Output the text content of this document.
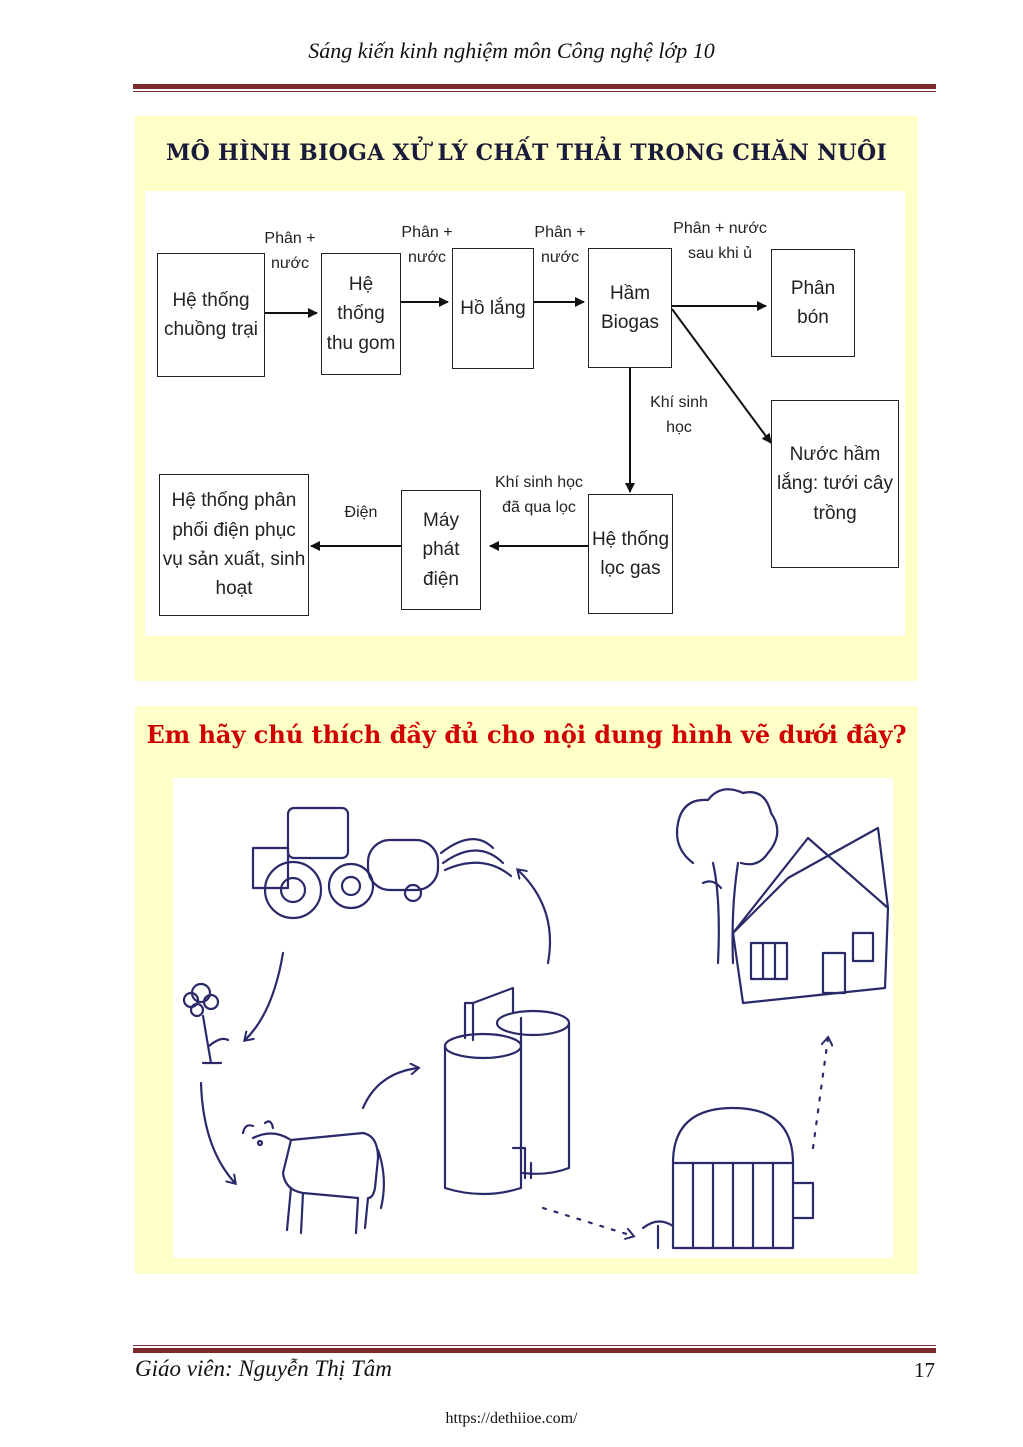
Sáng kiến kinh nghiệm môn Công nghệ lớp 10
MÔ HÌNH BIOGA XỬ LÝ CHẤT THẢI TRONG CHĂN NUÔI
Hệ thống chuồng trại
Hệ thống thu gom
Hồ lắng
Hầm Biogas
Phân bón
Nước hầm lắng: tưới cây trồng
Hệ thống lọc gas
Máy phát điện
Hệ thống phân phối điện phục vụ sản xuất, sinh hoạt
Phân +
nước
Phân +
nước
Phân +
nước
Phân + nước
sau khi ủ
Khí sinh
học
Khí sinh học
đã qua lọc
Điện
Em hãy chú thích đầy đủ cho nội dung hình vẽ dưới đây?
Giáo viên: Nguyễn Thị Tâm	17
https://dethiioe.com/
